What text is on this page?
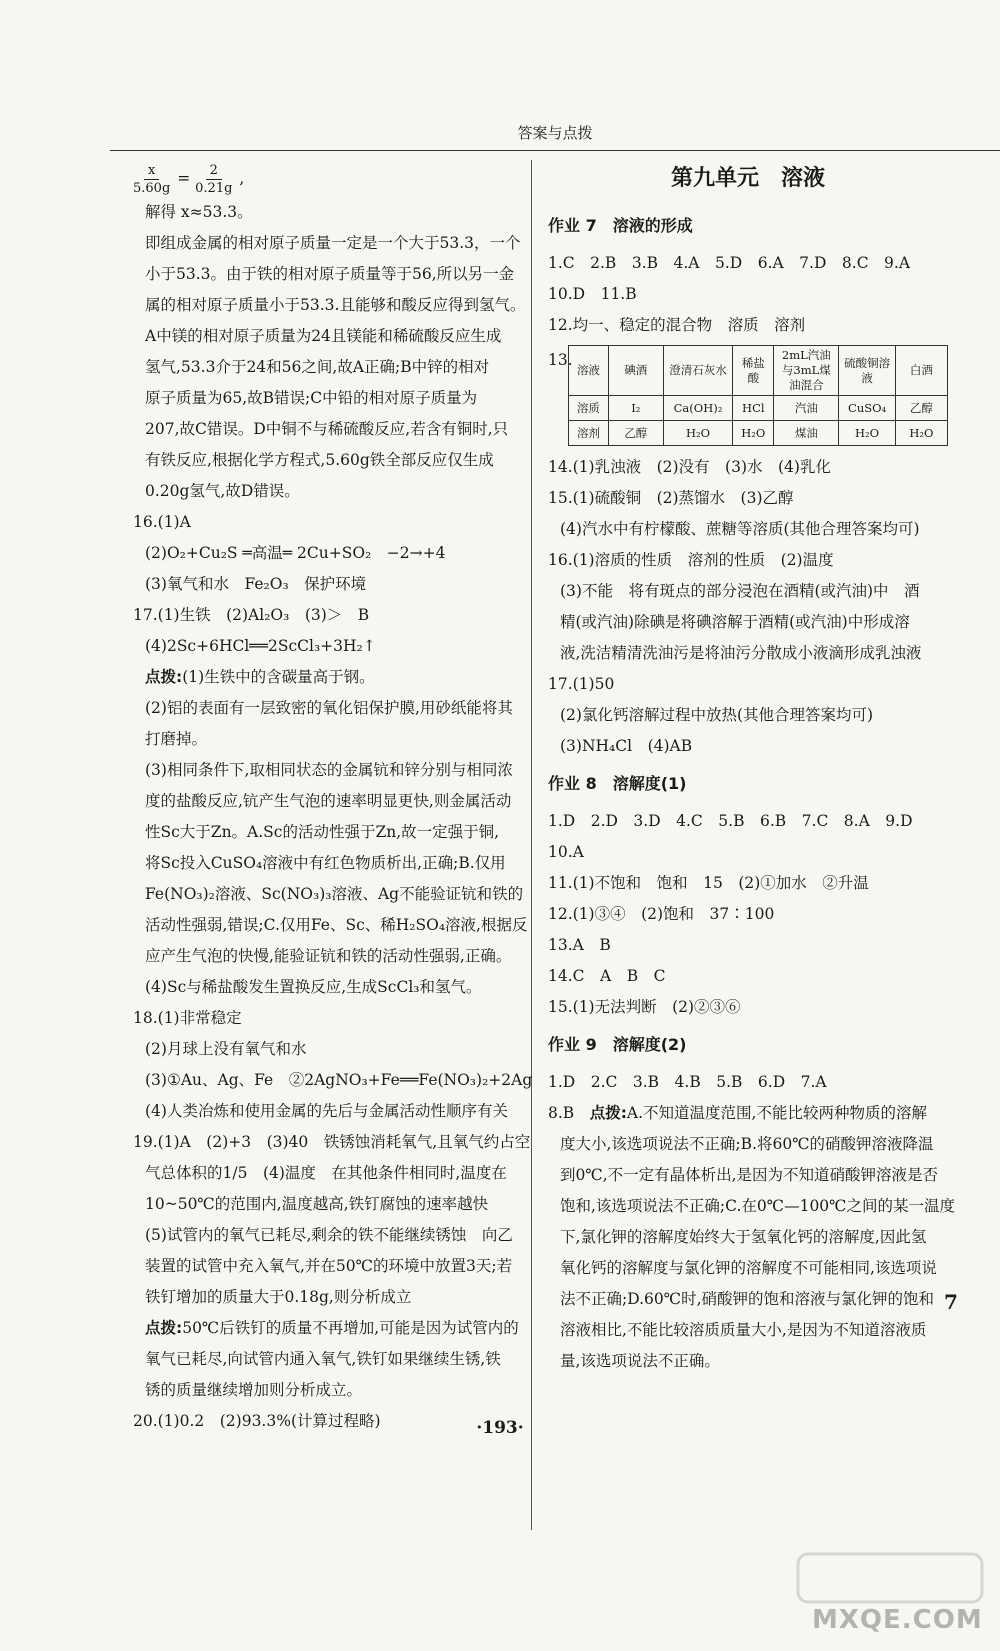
答案与点拨
$\frac{x}{5.60g} = \frac{2}{0.21g}$ ,
解得 x≈53.3。
即组成金属的相对原子质量一定是一个大于53.3，一个
小于53.3。由于铁的相对原子质量等于56,所以另一金
属的相对原子质量小于53.3.且能够和酸反应得到氢气。
A中镁的相对原子质量为24且镁能和稀硫酸反应生成
氢气,53.3介于24和56之间,故A正确;B中锌的相对
原子质量为65,故B错误;C中铅的相对原子质量为
207,故C错误。D中铜不与稀硫酸反应,若含有铜时,只
有铁反应,根据化学方程式,5.60g铁全部反应仅生成
0.20g氢气,故D错误。
16.(1)A
(2)O₂+Cu₂S ═高温═ 2Cu+SO₂　−2→+4
(3)氧气和水　Fe₂O₃　保护环境
17.(1)生铁　(2)Al₂O₃　(3)＞　B
(4)2Sc+6HCl══2ScCl₃+3H₂↑
点拨:(1)生铁中的含碳量高于钢。
(2)铝的表面有一层致密的氧化铝保护膜,用砂纸能将其
打磨掉。
(3)相同条件下,取相同状态的金属钪和锌分别与相同浓
度的盐酸反应,钪产生气泡的速率明显更快,则金属活动
性Sc大于Zn。A.Sc的活动性强于Zn,故一定强于铜,
将Sc投入CuSO₄溶液中有红色物质析出,正确;B.仅用
Fe(NO₃)₂溶液、Sc(NO₃)₃溶液、Ag不能验证钪和铁的
活动性强弱,错误;C.仅用Fe、Sc、稀H₂SO₄溶液,根据反
应产生气泡的快慢,能验证钪和铁的活动性强弱,正确。
(4)Sc与稀盐酸发生置换反应,生成ScCl₃和氢气。
18.(1)非常稳定
(2)月球上没有氧气和水
(3)①Au、Ag、Fe　②2AgNO₃+Fe══Fe(NO₃)₂+2Ag
(4)人类冶炼和使用金属的先后与金属活动性顺序有关
19.(1)A　(2)+3　(3)40　铁锈蚀消耗氧气,且氧气约占空
气总体积的1/5　(4)温度　在其他条件相同时,温度在
10~50℃的范围内,温度越高,铁钉腐蚀的速率越快
(5)试管内的氧气已耗尽,剩余的铁不能继续锈蚀　向乙
装置的试管中充入氧气,并在50℃的环境中放置3天;若
铁钉增加的质量大于0.18g,则分析成立
点拨:50℃后铁钉的质量不再增加,可能是因为试管内的
氧气已耗尽,向试管内通入氧气,铁钉如果继续生锈,铁
锈的质量继续增加则分析成立。
20.(1)0.2　(2)93.3%(计算过程略)
第九单元　溶液
作业 7　溶液的形成
1.C　2.B　3.B　4.A　5.D　6.A　7.D　8.C　9.A
10.D　11.B
12.均一、稳定的混合物　溶质　溶剂
13.
溶液	碘酒	澄清石灰水	稀盐酸	2mL汽油与3mL煤油混合	硫酸铜溶液	白酒
溶质	I₂	Ca(OH)₂	HCl	汽油	CuSO₄	乙醇
溶剂	乙醇	H₂O	H₂O	煤油	H₂O	H₂O
14.(1)乳浊液　(2)没有　(3)水　(4)乳化
15.(1)硫酸铜　(2)蒸馏水　(3)乙醇
(4)汽水中有柠檬酸、蔗糖等溶质(其他合理答案均可)
16.(1)溶质的性质　溶剂的性质　(2)温度
(3)不能　将有斑点的部分浸泡在酒精(或汽油)中　酒
精(或汽油)除碘是将碘溶解于酒精(或汽油)中形成溶
液,洗洁精清洗油污是将油污分散成小液滴形成乳浊液
17.(1)50
(2)氯化钙溶解过程中放热(其他合理答案均可)
(3)NH₄Cl　(4)AB
作业 8　溶解度(1)
1.D　2.D　3.D　4.C　5.B　6.B　7.C　8.A　9.D
10.A
11.(1)不饱和　饱和　15　(2)①加水　②升温
12.(1)③④　(2)饱和　37∶100
13.A　B
14.C　A　B　C
15.(1)无法判断　(2)②③⑥
作业 9　溶解度(2)
1.D　2.C　3.B　4.B　5.B　6.D　7.A
8.B　点拨:A.不知道温度范围,不能比较两种物质的溶解
度大小,该选项说法不正确;B.将60℃的硝酸钾溶液降温
到0℃,不一定有晶体析出,是因为不知道硝酸钾溶液是否
饱和,该选项说法不正确;C.在0℃—100℃之间的某一温度
下,氯化钾的溶解度始终大于氢氧化钙的溶解度,因此氢
氧化钙的溶解度与氯化钾的溶解度不可能相同,该选项说
法不正确;D.60℃时,硝酸钾的饱和溶液与氯化钾的饱和
溶液相比,不能比较溶质质量大小,是因为不知道溶液质
量,该选项说法不正确。
7
·193·
MXQE.COM
